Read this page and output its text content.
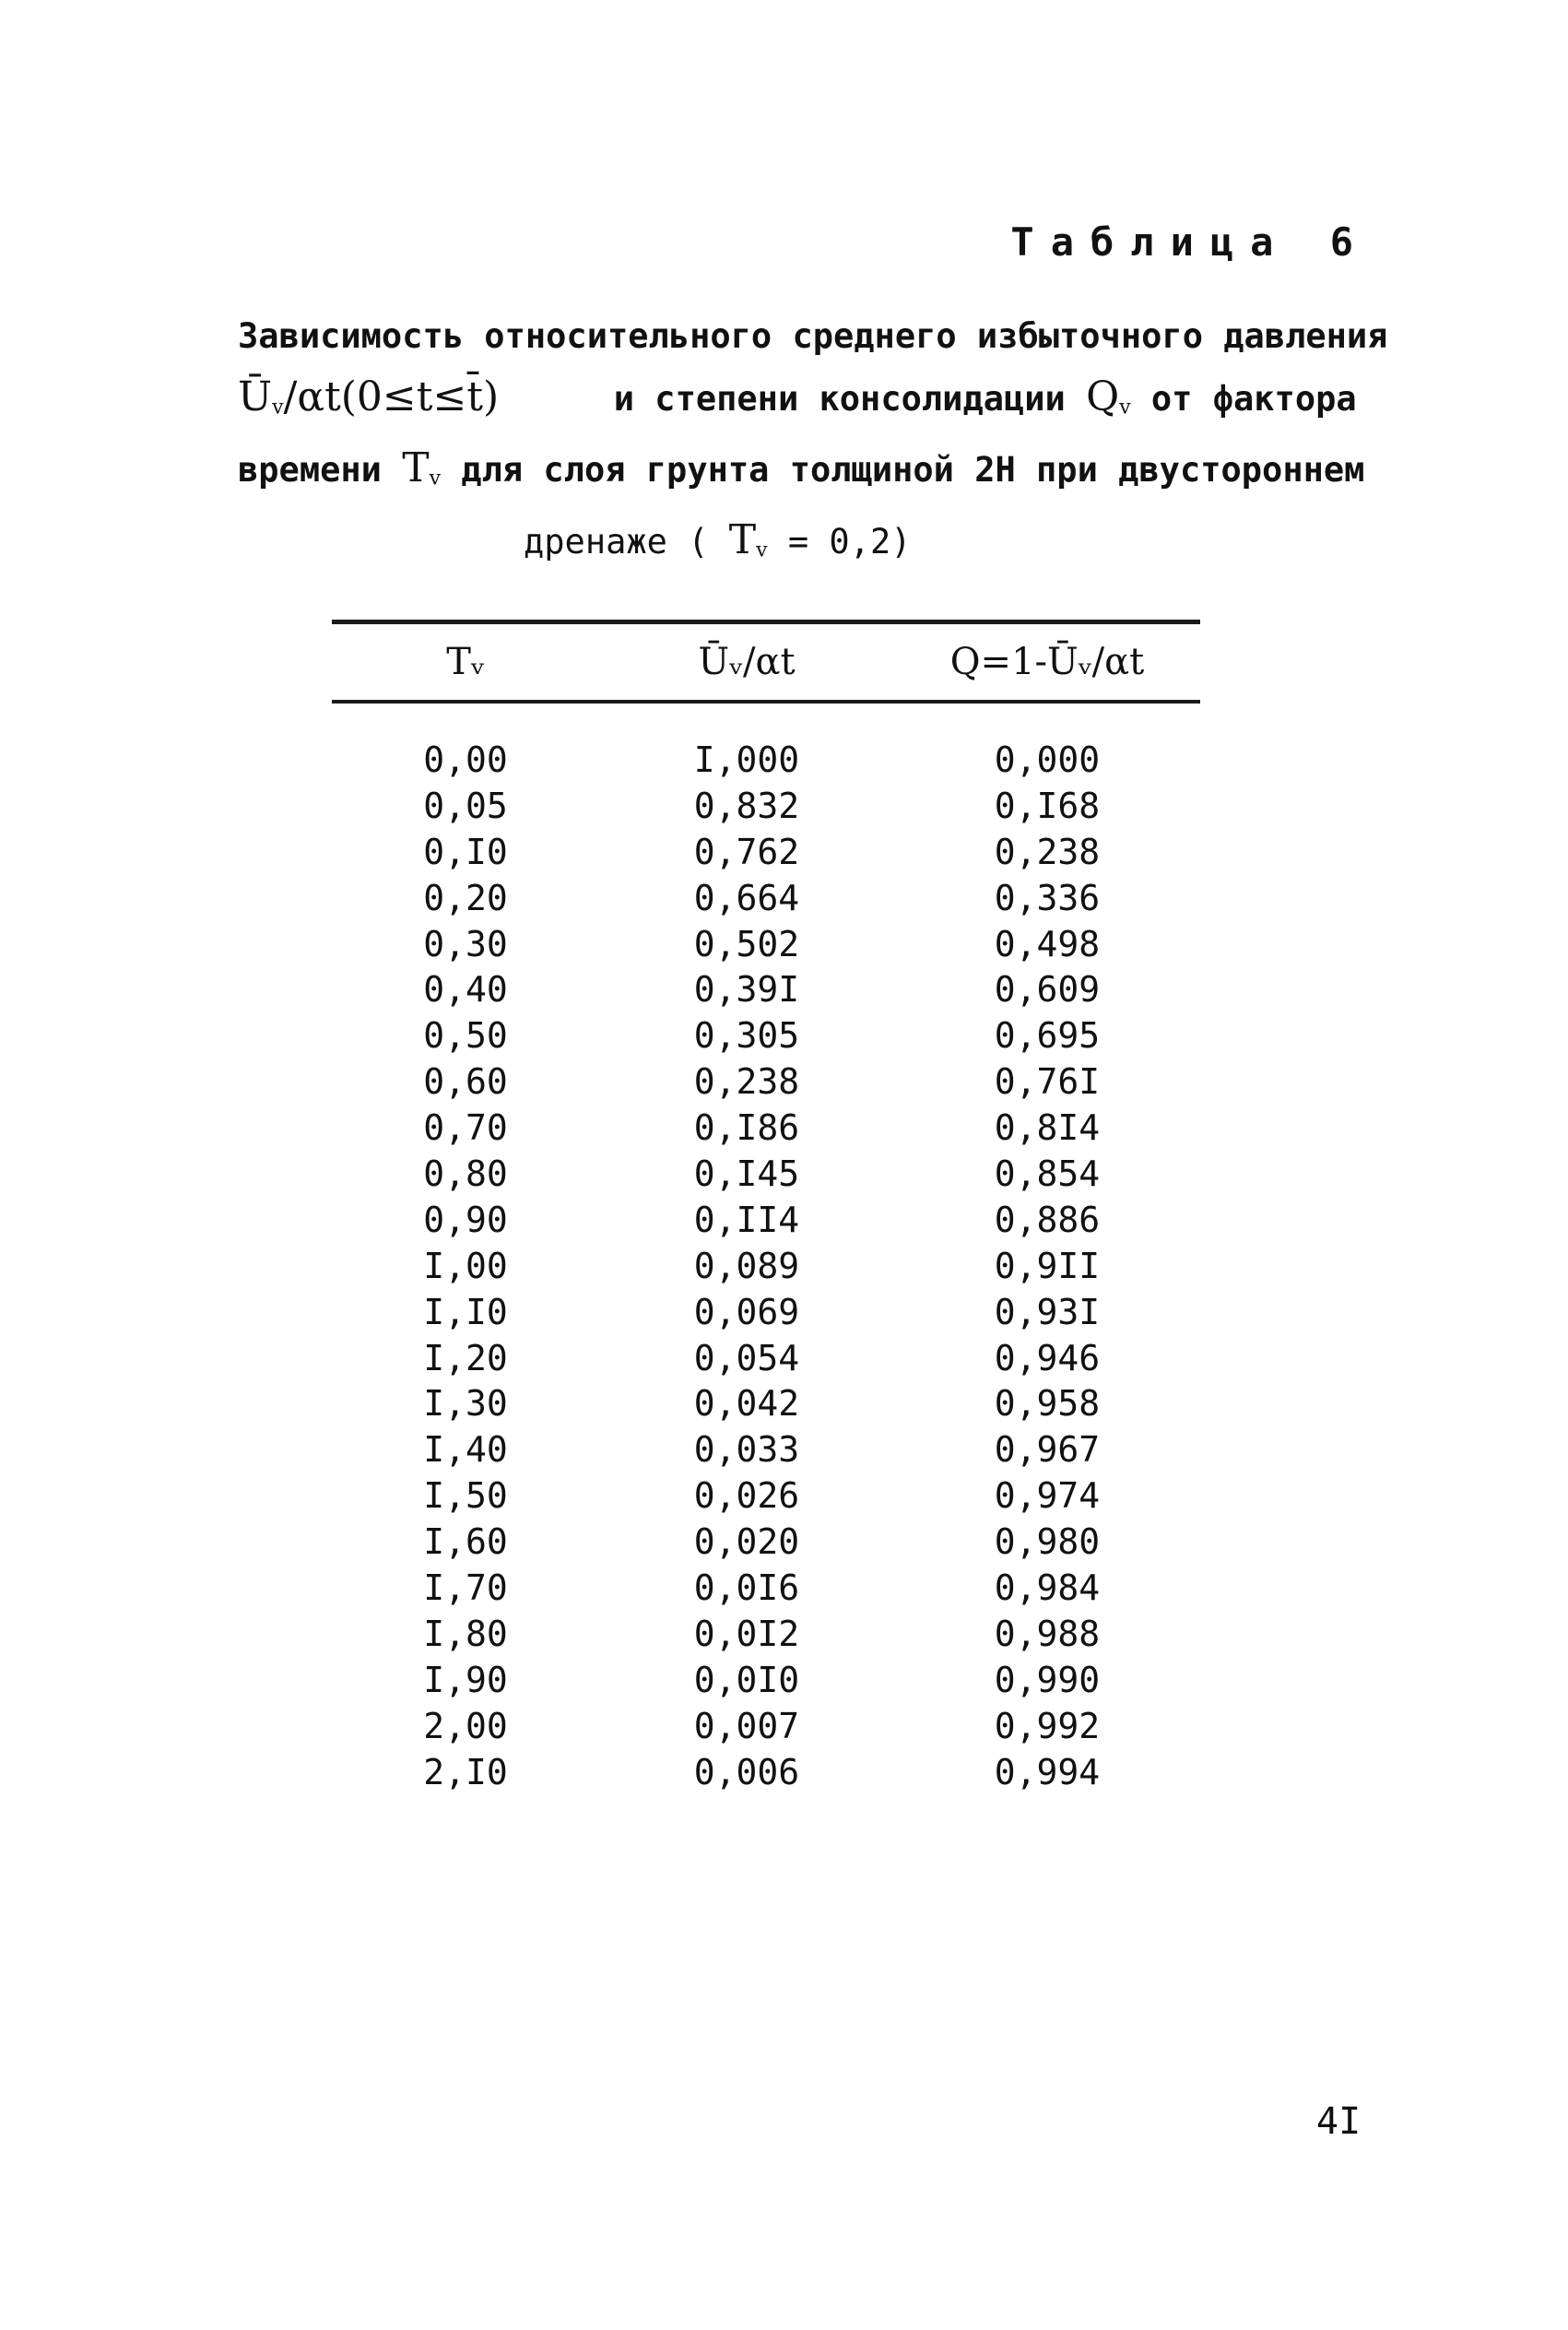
Таблица 6
Зависимость относительного среднего избыточного давления
Ūv/αt(0≤t≤t̄)	и степени консолидации Qv от фактора
времени Tv для слоя грунта толщиной 2Н при двустороннем
дренаже ( Tv = 0,2)
Tᵥ	Ūᵥ/αt	Q=1-Ūᵥ/αt
0,00	I,000	0,000
0,05	0,832	0,I68
0,I0	0,762	0,238
0,20	0,664	0,336
0,30	0,502	0,498
0,40	0,39I	0,609
0,50	0,305	0,695
0,60	0,238	0,76I
0,70	0,I86	0,8I4
0,80	0,I45	0,854
0,90	0,II4	0,886
I,00	0,089	0,9II
I,I0	0,069	0,93I
I,20	0,054	0,946
I,30	0,042	0,958
I,40	0,033	0,967
I,50	0,026	0,974
I,60	0,020	0,980
I,70	0,0I6	0,984
I,80	0,0I2	0,988
I,90	0,0I0	0,990
2,00	0,007	0,992
2,I0	0,006	0,994
4I
